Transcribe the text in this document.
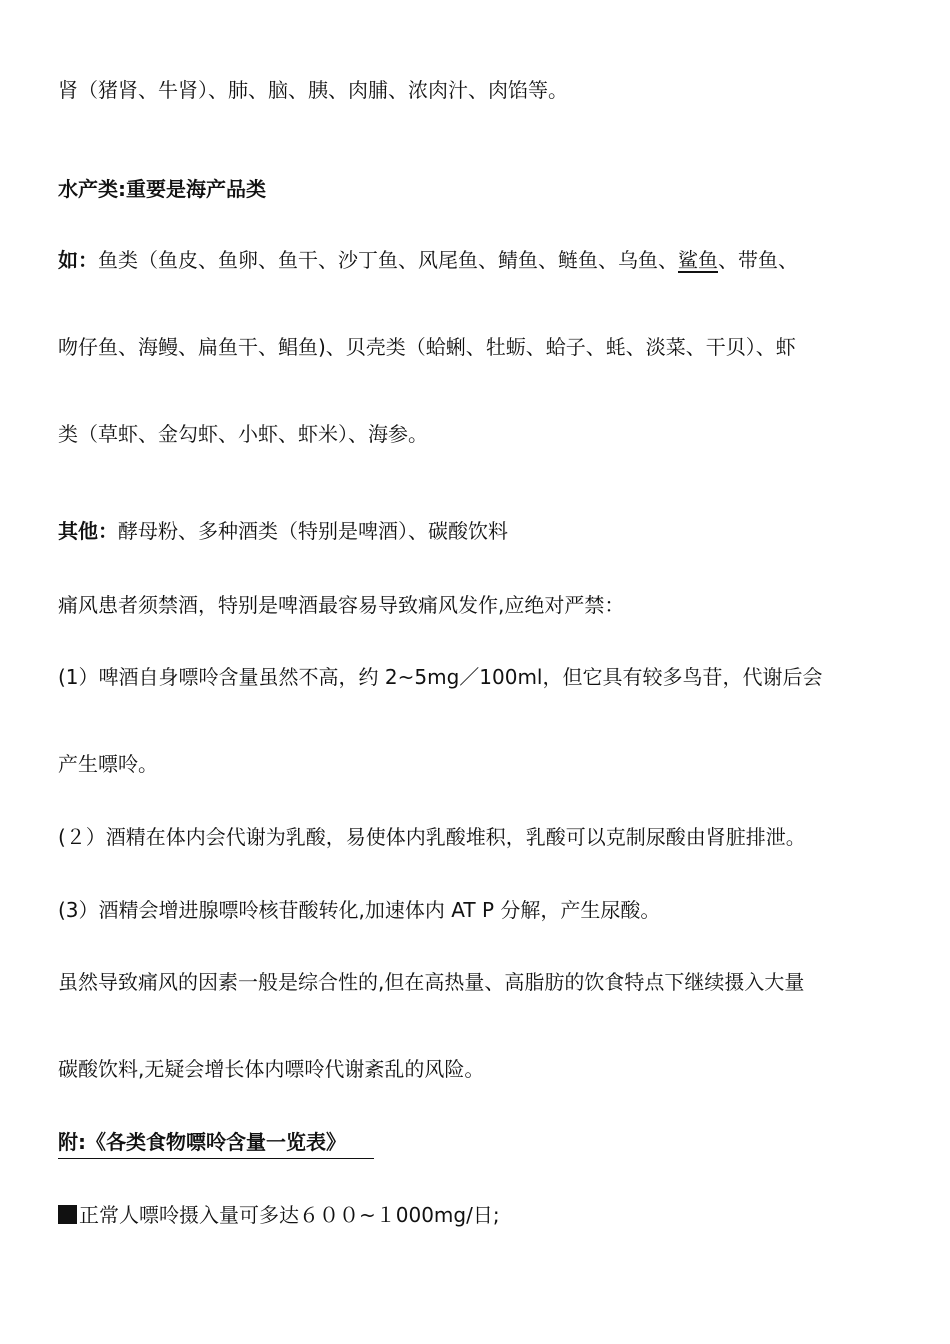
肾（猪肾、牛肾）、肺、脑、胰、肉脯、浓肉汁、肉馅等。
水产类:重要是海产品类
如：鱼类（鱼皮、鱼卵、鱼干、沙丁鱼、风尾鱼、鲭鱼、鲢鱼、乌鱼、鲨鱼、带鱼、
吻仔鱼、海鳗、扁鱼干、鲳鱼)、贝壳类（蛤蜊、牡蛎、蛤子、蚝、淡菜、干贝）、虾
类（草虾、金勾虾、小虾、虾米）、海参。
其他：酵母粉、多种酒类（特别是啤酒）、碳酸饮料
痛风患者须禁酒，特别是啤酒最容易导致痛风发作,应绝对严禁：
(1）啤酒自身嘌呤含量虽然不高，约 2~5mg／100ml，但它具有较多鸟苷，代谢后会
产生嘌呤。
(２）酒精在体内会代谢为乳酸，易使体内乳酸堆积，乳酸可以克制尿酸由肾脏排泄。
(3）酒精会增进腺嘌呤核苷酸转化,加速体内 AT P 分解，产生尿酸。
虽然导致痛风的因素一般是综合性的,但在高热量、高脂肪的饮食特点下继续摄入大量
碳酸饮料,无疑会增长体内嘌呤代谢紊乱的风险。
附:《各类食物嘌呤含量一览表》
正常人嘌呤摄入量可多达６００~１000mg/日;
